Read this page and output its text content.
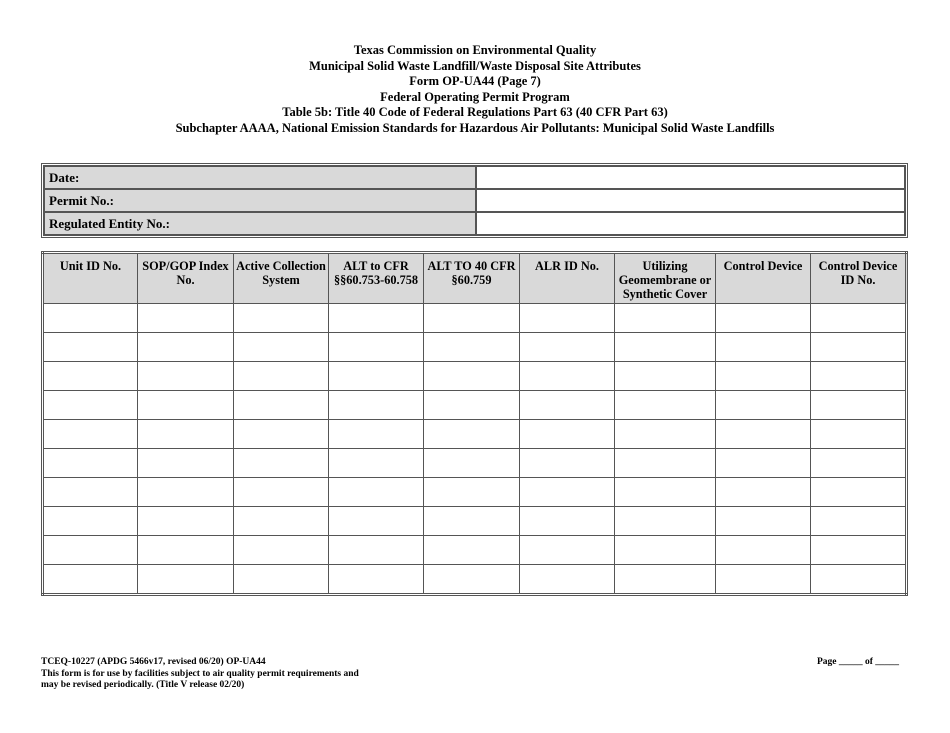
Texas Commission on Environmental Quality
Municipal Solid Waste Landfill/Waste Disposal Site Attributes
Form OP-UA44 (Page 7)
Federal Operating Permit Program
Table 5b: Title 40 Code of Federal Regulations Part 63 (40 CFR Part 63)
Subchapter AAAA, National Emission Standards for Hazardous Air Pollutants: Municipal Solid Waste Landfills
Date:	
Permit No.:	
Regulated Entity No.:	
Unit ID No.	SOP/GOP Index No.	Active Collection System	ALT to CFR §§60.753-60.758	ALT TO 40 CFR §60.759	ALR ID No.	Utilizing Geomembrane or Synthetic Cover	Control Device	Control Device ID No.

TCEQ-10227 (APDG 5466v17, revised 06/20) OP-UA44
This form is for use by facilities subject to air quality permit requirements and
may be revised periodically. (Title V release 02/20)
Page _____ of _____
